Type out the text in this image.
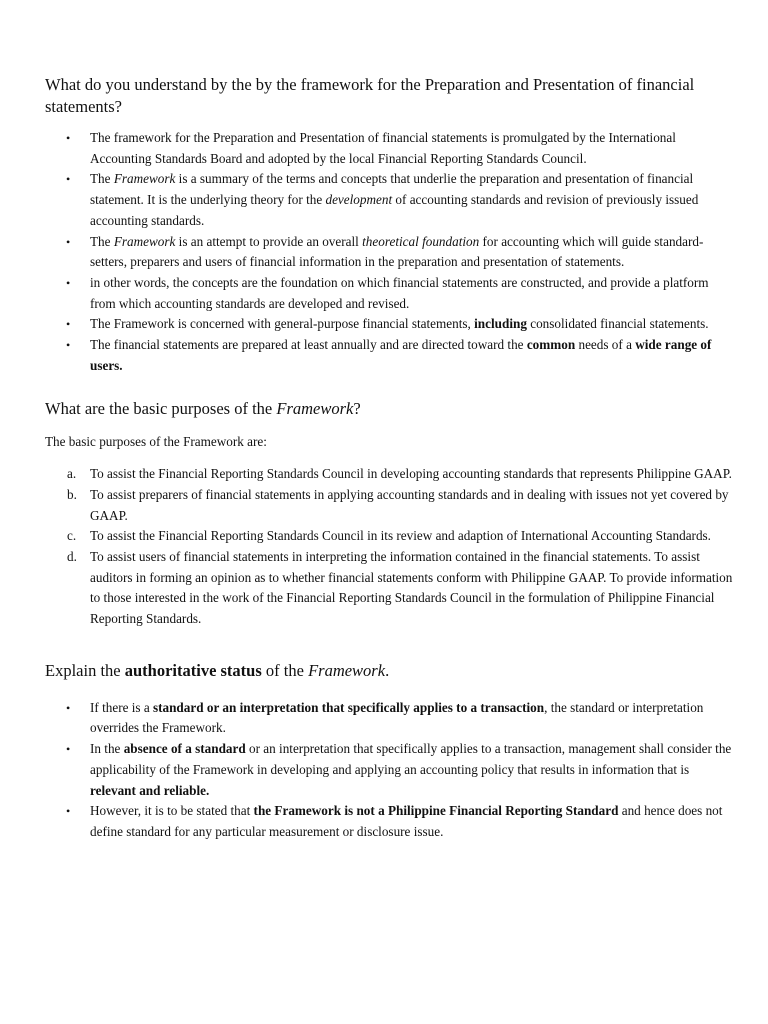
What do you understand by the by the framework for the Preparation and Presentation of financial statements?
• The framework for the Preparation and Presentation of financial statements is promulgated by the International Accounting Standards Board and adopted by the local Financial Reporting Standards Council.
• The Framework is a summary of the terms and concepts that underlie the preparation and presentation of financial statement. It is the underlying theory for the development of accounting standards and revision of previously issued accounting standards.
• The Framework is an attempt to provide an overall theoretical foundation for accounting which will guide standard-setters, preparers and users of financial information in the preparation and presentation of statements.
• in other words, the concepts are the foundation on which financial statements are constructed, and provide a platform from which accounting standards are developed and revised.
• The Framework is concerned with general-purpose financial statements, including consolidated financial statements.
• The financial statements are prepared at least annually and are directed toward the common needs of a wide range of users.
What are the basic purposes of the Framework?

The basic purposes of the Framework are:

a. To assist the Financial Reporting Standards Council in developing accounting standards that represents Philippine GAAP.
b. To assist preparers of financial statements in applying accounting standards and in dealing with issues not yet covered by GAAP.
c. To assist the Financial Reporting Standards Council in its review and adaption of International Accounting Standards.
d. To assist users of financial statements in interpreting the information contained in the financial statements. To assist auditors in forming an opinion as to whether financial statements conform with Philippine GAAP. To provide information to those interested in the work of the Financial Reporting Standards Council in the formulation of Philippine Financial Reporting Standards.
Explain the authoritative status of the Framework.
• If there is a standard or an interpretation that specifically applies to a transaction, the standard or interpretation overrides the Framework.
• In the absence of a standard or an interpretation that specifically applies to a transaction, management shall consider the applicability of the Framework in developing and applying an accounting policy that results in information that is relevant and reliable.
• However, it is to be stated that the Framework is not a Philippine Financial Reporting Standard and hence does not define standard for any particular measurement or disclosure issue.
